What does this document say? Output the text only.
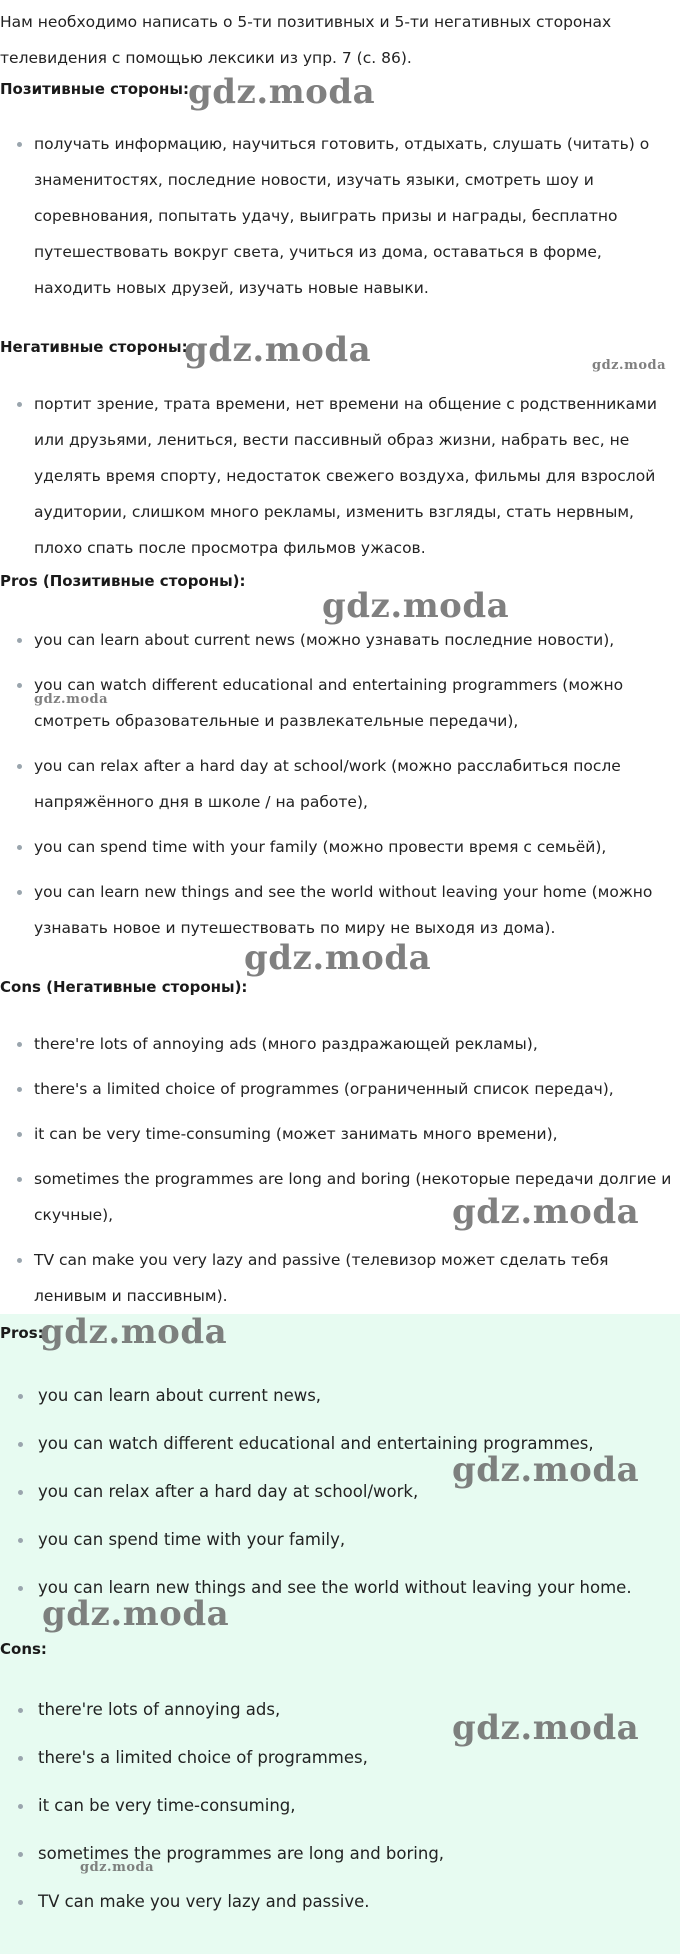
Нам необходимо написать о 5-ти позитивных и 5-ти негативных сторонах телевидения с помощью лексики из упр. 7 (с. 86).
Позитивные стороны:
получать информацию, научиться готовить, отдыхать, слушать (читать) о знаменитостях, последние новости, изучать языки, смотреть шоу и соревнования, попытать удачу, выиграть призы и награды, бесплатно путешествовать вокруг света, учиться из дома, оставаться в форме, находить новых друзей, изучать новые навыки.
Негативные стороны:
портит зрение, трата времени, нет времени на общение с родственниками или друзьями, лениться, вести пассивный образ жизни, набрать вес, не уделять время спорту, недостаток свежего воздуха, фильмы для взрослой аудитории, слишком много рекламы, изменить взгляды, стать нервным, плохо спать после просмотра фильмов ужасов.
Pros (Позитивные стороны):
you can learn about current news (можно узнавать последние новости),
you can watch different educational and entertaining programmers (можно смотреть образовательные и развлекательные передачи),
you can relax after a hard day at school/work (можно расслабиться после напряжённого дня в школе / на работе),
you can spend time with your family (можно провести время с семьёй),
you can learn new things and see the world without leaving your home (можно узнавать новое и путешествовать по миру не выходя из дома).
Cons (Негативные стороны):
there're lots of annoying ads (много раздражающей рекламы),
there's a limited choice of programmes (ограниченный список передач),
it can be very time-consuming (может занимать много времени),
sometimes the programmes are long and boring (некоторые передачи долгие и скучные),
TV can make you very lazy and passive (телевизор может сделать тебя ленивым и пассивным).
Pros:
you can learn about current news,
you can watch different educational and entertaining programmes,
you can relax after a hard day at school/work,
you can spend time with your family,
you can learn new things and see the world without leaving your home.
Cons:
there're lots of annoying ads,
there's a limited choice of programmes,
it can be very time-consuming,
sometimes the programmes are long and boring,
TV can make you very lazy and passive.
gdz.moda
gdz.moda	gdz.moda
gdz.moda
gdz.moda
gdz.moda
gdz.moda
gdz.moda
gdz.moda
gdz.moda
gdz.moda
gdz.moda
